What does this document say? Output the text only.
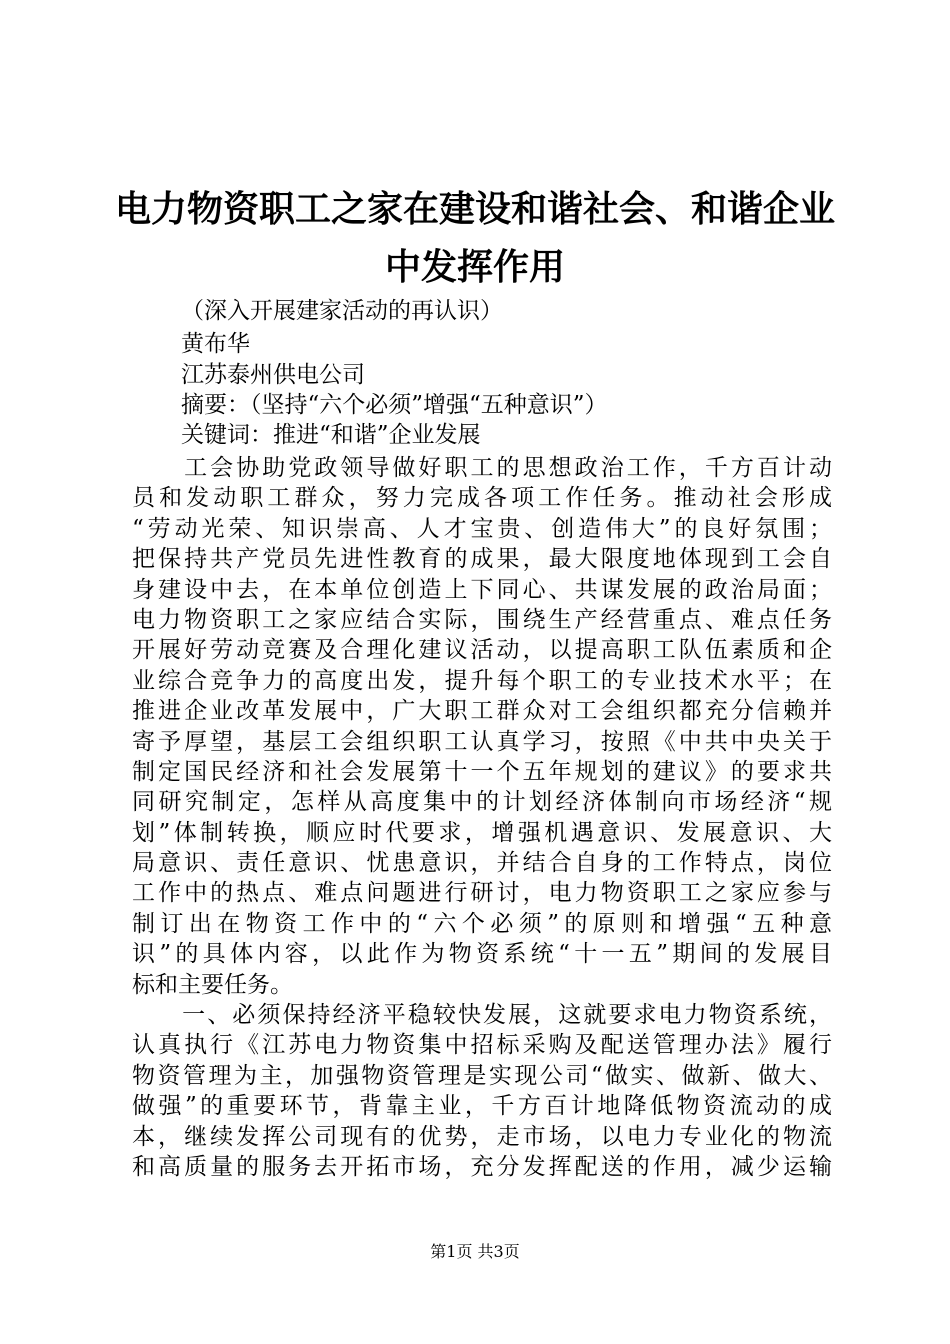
电力物资职工之家在建设和谐社会、和谐企业
中发挥作用

（深入开展建家活动的再认识）

黄布华

江苏泰州供电公司

摘要：（坚持“六个必须”增强“五种意识”）

关键词：推进“和谐”企业发展

　　工会协助党政领导做好职工的思想政治工作，千方百计动
员和发动职工群众，努力完成各项工作任务。推动社会形成
“劳动光荣、知识崇高、人才宝贵、创造伟大”的良好氛围；
把保持共产党员先进性教育的成果，最大限度地体现到工会自
身建设中去，在本单位创造上下同心、共谋发展的政治局面；
电力物资职工之家应结合实际，围绕生产经营重点、难点任务
开展好劳动竞赛及合理化建议活动，以提高职工队伍素质和企
业综合竞争力的高度出发，提升每个职工的专业技术水平；在
推进企业改革发展中，广大职工群众对工会组织都充分信赖并
寄予厚望，基层工会组织职工认真学习，按照《中共中央关于
制定国民经济和社会发展第十一个五年规划的建议》的要求共
同研究制定，怎样从高度集中的计划经济体制向市场经济“规
划”体制转换，顺应时代要求，增强机遇意识、发展意识、大
局意识、责任意识、忧患意识，并结合自身的工作特点，岗位
工作中的热点、难点问题进行研讨，电力物资职工之家应参与
制订出在物资工作中的“六个必须”的原则和增强“五种意
识”的具体内容，以此作为物资系统“十一五”期间的发展目
标和主要任务。
　　一、必须保持经济平稳较快发展，这就要求电力物资系统，
认真执行《江苏电力物资集中招标采购及配送管理办法》履行
物资管理为主，加强物资管理是实现公司“做实、做新、做大、
做强”的重要环节，背靠主业，千方百计地降低物资流动的成
本，继续发挥公司现有的优势，走市场，以电力专业化的物流
和高质量的服务去开拓市场，充分发挥配送的作用，减少运输

第1页 共3页
